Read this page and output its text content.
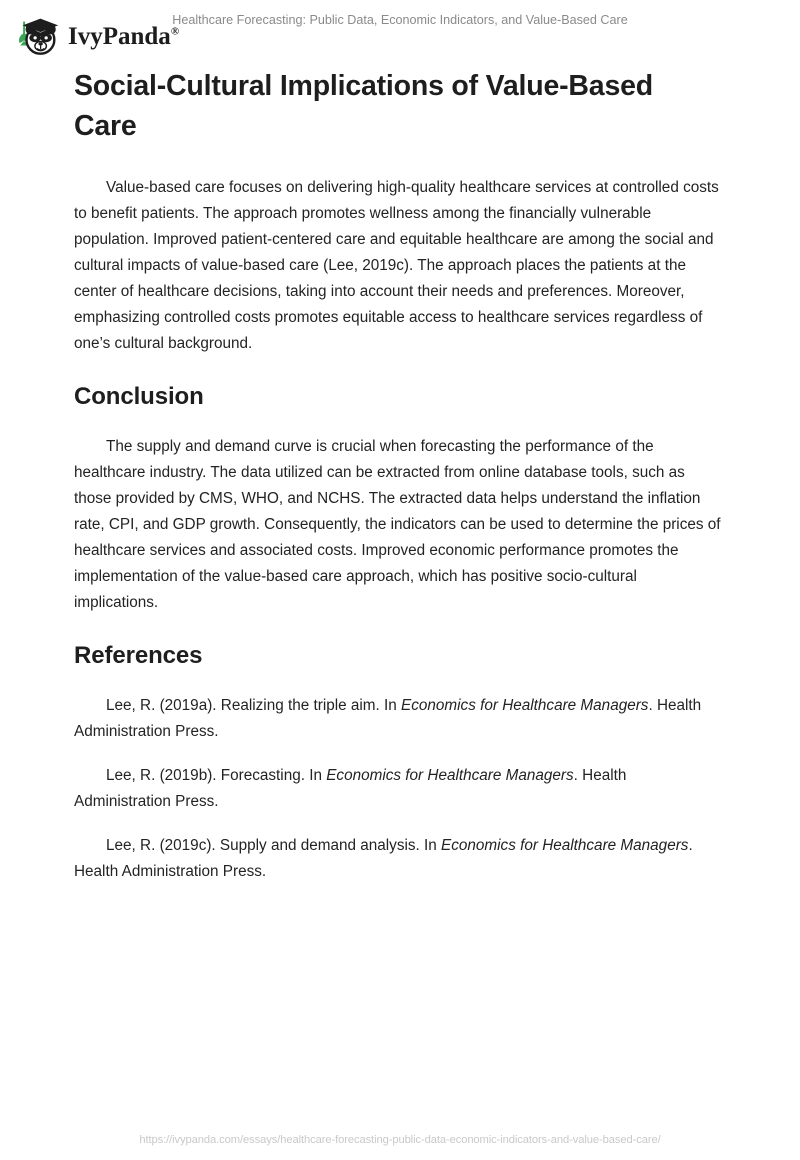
IvyPanda®
Healthcare Forecasting: Public Data, Economic Indicators, and Value-Based Care
Social-Cultural Implications of Value-Based Care

Value-based care focuses on delivering high-quality healthcare services at controlled costs to benefit patients. The approach promotes wellness among the financially vulnerable population. Improved patient-centered care and equitable healthcare are among the social and cultural impacts of value-based care (Lee, 2019c). The approach places the patients at the center of healthcare decisions, taking into account their needs and preferences. Moreover, emphasizing controlled costs promotes equitable access to healthcare services regardless of one’s cultural background.

Conclusion

The supply and demand curve is crucial when forecasting the performance of the healthcare industry. The data utilized can be extracted from online database tools, such as those provided by CMS, WHO, and NCHS. The extracted data helps understand the inflation rate, CPI, and GDP growth. Consequently, the indicators can be used to determine the prices of healthcare services and associated costs. Improved economic performance promotes the implementation of the value-based care approach, which has positive socio-cultural implications.

References

Lee, R. (2019a). Realizing the triple aim. In Economics for Healthcare Managers. Health Administration Press.

Lee, R. (2019b). Forecasting. In Economics for Healthcare Managers. Health Administration Press.

Lee, R. (2019c). Supply and demand analysis. In Economics for Healthcare Managers. Health Administration Press.

https://ivypanda.com/essays/healthcare-forecasting-public-data-economic-indicators-and-value-based-care/
